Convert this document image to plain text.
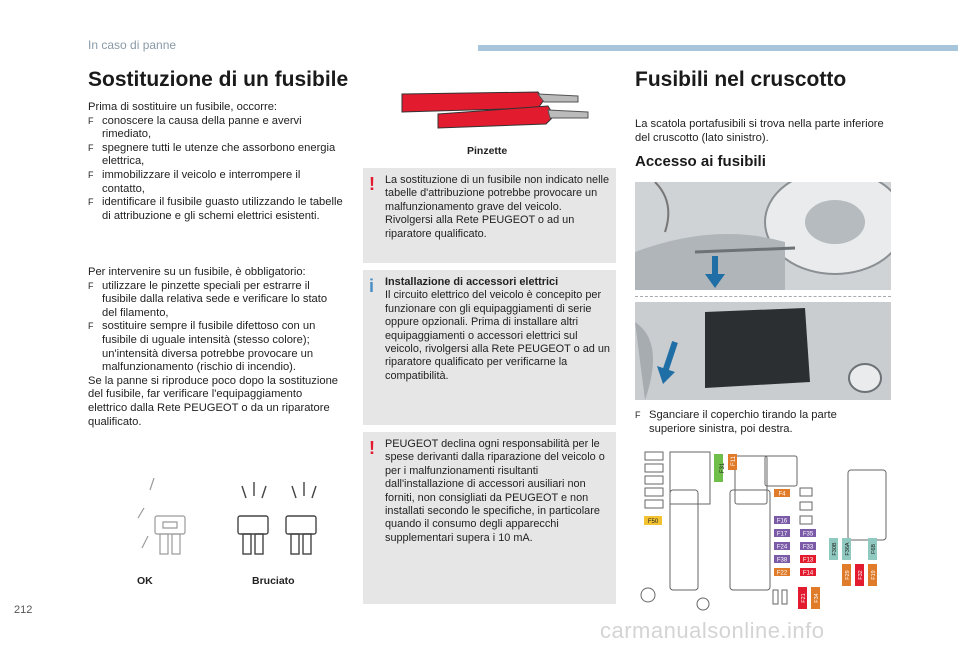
In caso di panne
Sostituzione di un fusibile

Prima di sostituire un fusibile, occorre:

F conoscere la causa della panne e avervi rimediato,
F spegnere tutti le utenze che assorbono energia elettrica,
F immobilizzare il veicolo e interrompere il contatto,
F identificare il fusibile guasto utilizzando le tabelle di attribuzione e gli schemi elettrici esistenti.

Per intervenire su un fusibile, è obbligatorio:

F utilizzare le pinzette speciali per estrarre il fusibile dalla relativa sede e verificare lo stato del filamento,
F sostituire sempre il fusibile difettoso con un fusibile di uguale intensità (stesso colore); un'intensità diversa potrebbe provocare un malfunzionamento (rischio di incendio).

Se la panne si riproduce poco dopo la sostituzione del fusibile, far verificare l'equipaggiamento elettrico dalla Rete PEUGEOT o da un riparatore qualificato.

OK	Bruciato
Pinzette
! La sostituzione di un fusibile non indicato nelle tabelle d'attribuzione potrebbe provocare un malfunzionamento grave del veicolo. Rivolgersi alla Rete PEUGEOT o ad un riparatore qualificato.
i Installazione di accessori elettrici
Il circuito elettrico del veicolo è concepito per funzionare con gli equipaggiamenti di serie oppure opzionali. Prima di installare altri equipaggiamenti o accessori elettrici sul veicolo, rivolgersi alla Rete PEUGEOT o ad un riparatore qualificato per verificarne la compatibilità.
! PEUGEOT declina ogni responsabilità per le spese derivanti dalla riparazione del veicolo o per i malfunzionamenti risultanti dall'installazione di accessori ausiliari non forniti, non consigliati da PEUGEOT e non installati secondo le specifiche, in particolare quando il consumo degli apparecchi supplementari supera i 10 mA.
Fusibili nel cruscotto
La scatola portafusibili si trova nella parte inferiore del cruscotto (lato sinistro).
Accesso ai fusibili
F Sganciare il coperchio tirando la parte superiore sinistra, poi destra.
F50
F31
F11
F4
F16
F17
F24
F38
F22
F35
F33
F13
F14
F30B F36A	F6B
F29 F32 F19
F21 F34
212
carmanualsonline.info
